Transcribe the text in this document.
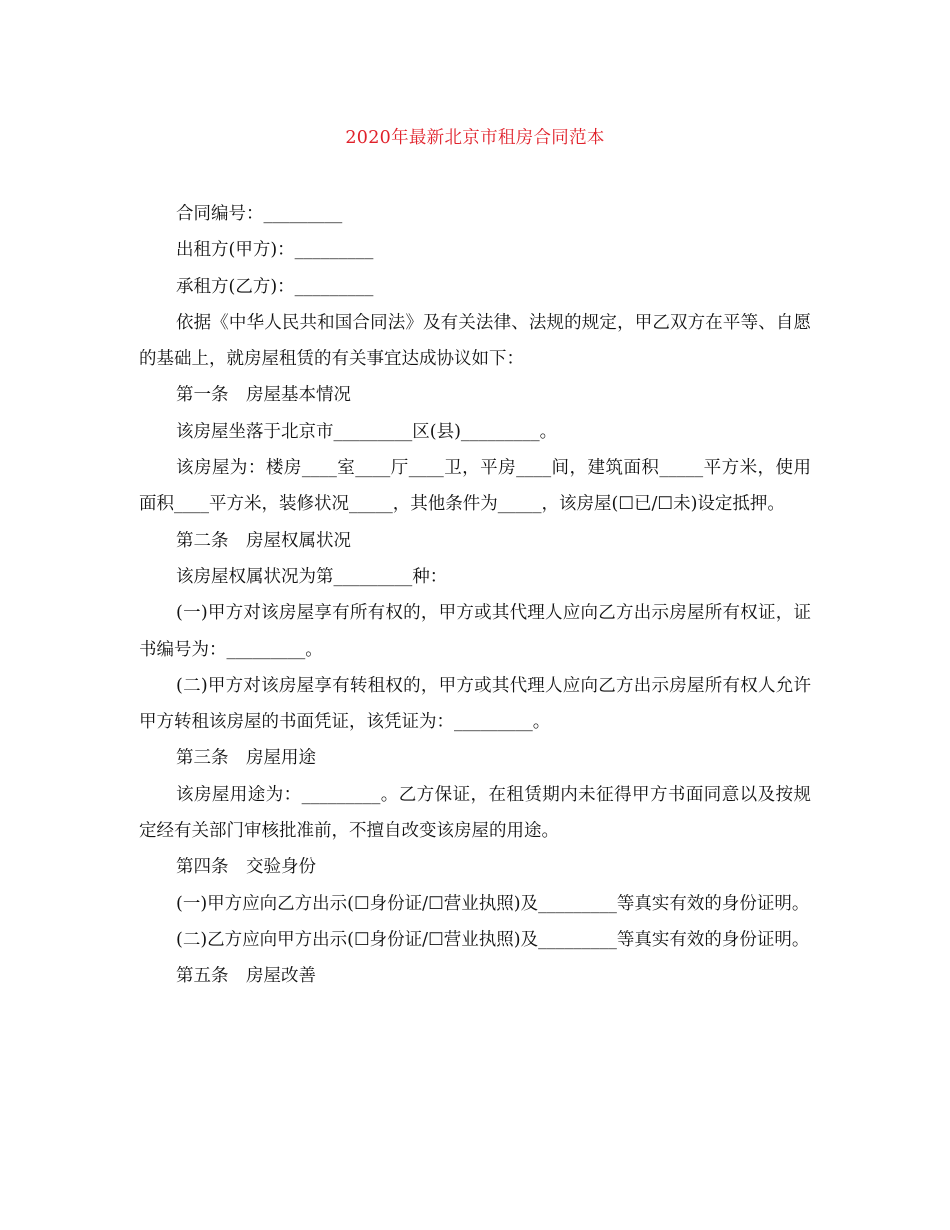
2020年最新北京市租房合同范本

合同编号：_________

出租方(甲方)：_________

承租方(乙方)：_________

依据《中华人民共和国合同法》及有关法律、法规的规定，甲乙双方在平等、自愿的基础上，就房屋租赁的有关事宜达成协议如下：

第一条　房屋基本情况

该房屋坐落于北京市_________区(县)_________。

该房屋为：楼房____室____厅____卫，平房____间，建筑面积_____平方米，使用面积____平方米，装修状况_____，其他条件为_____，该房屋(☐已/☐未)设定抵押。

第二条　房屋权属状况

该房屋权属状况为第_________种：

(一)甲方对该房屋享有所有权的，甲方或其代理人应向乙方出示房屋所有权证，证书编号为：_________。

(二)甲方对该房屋享有转租权的，甲方或其代理人应向乙方出示房屋所有权人允许甲方转租该房屋的书面凭证，该凭证为：_________。

第三条　房屋用途

该房屋用途为：_________。乙方保证，在租赁期内未征得甲方书面同意以及按规定经有关部门审核批准前，不擅自改变该房屋的用途。

第四条　交验身份

(一)甲方应向乙方出示(☐身份证/☐营业执照)及_________等真实有效的身份证明。

(二)乙方应向甲方出示(☐身份证/☐营业执照)及_________等真实有效的身份证明。

第五条　房屋改善
